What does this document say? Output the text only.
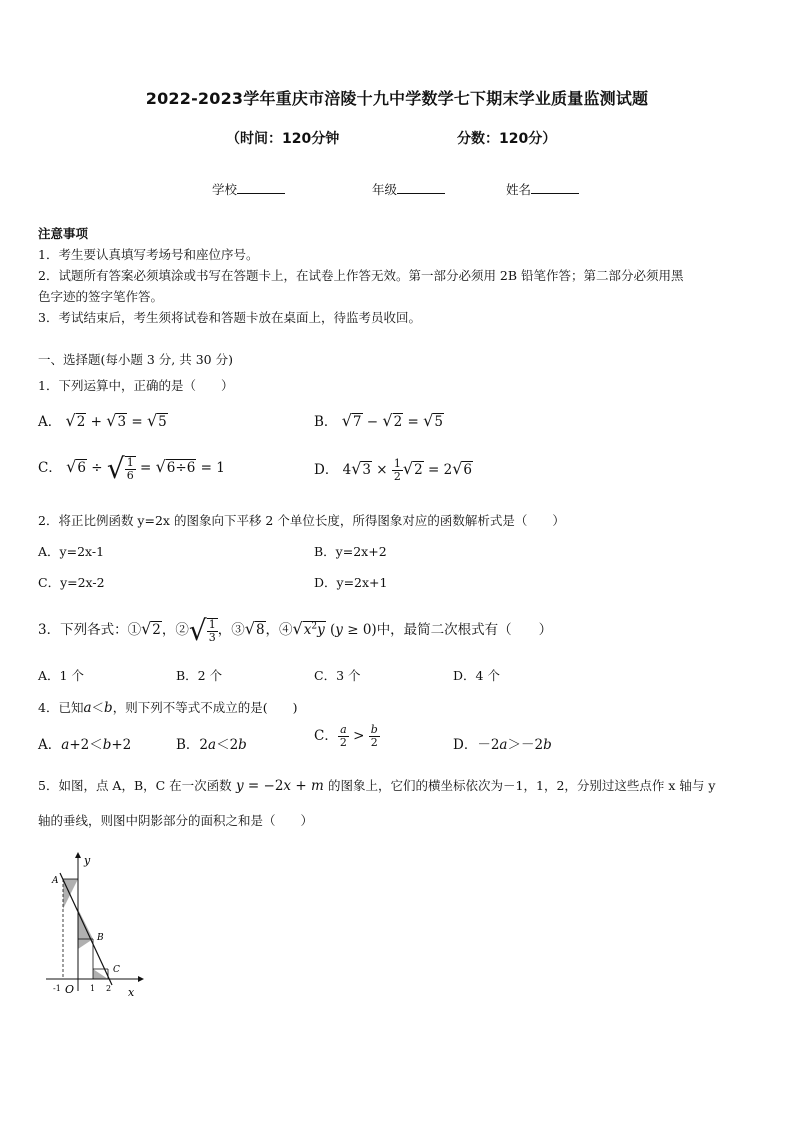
2022-2023学年重庆市涪陵十九中学数学七下期末学业质量监测试题
（时间：120分钟	分数：120分）
学校	年级	姓名
注意事项
1．考生要认真填写考场号和座位序号。
2．试题所有答案必须填涂或书写在答题卡上，在试卷上作答无效。第一部分必须用 2B 铅笔作答；第二部分必须用黑
色字迹的签字笔作答。
3．考试结束后，考生须将试卷和答题卡放在桌面上，待监考员收回。
一、选择题(每小题 3 分, 共 30 分)
1．下列运算中，正确的是（　　）
A． √2 + √3 = √5	B． √7 − √2 = √5
C． √6 ÷ √ $\frac{1}{6} = √6\div 6 = 1$	D． $4√3 \times \frac{1}{2} √2 = 2√6$
2．将正比例函数 y=2x 的图象向下平移 2 个单位长度，所得图象对应的函数解析式是（　　）
A．y=2x-1	B．y=2x+2
C．y=2x-2	D．y=2x+1
3．下列各式：①√2，②√ $\frac{1}{3}$ ，③√8，$④√x^2y$ (y ≥ 0)中，最简二次根式有（　　）
A．1 个	B．2 个	C．3 个	D．4 个
4．已知a＜b，则下列不等式不成立的是(　　)
A．a+2＜b+2	B．2a＜2b
C． $\frac{a}{2} > \frac{b}{2}$	D．－2a＞－2b
5．如图，点 A，B，C 在一次函数 y = −2x + m 的图象上，它们的横坐标依次为－1，1，2，分别过这些点作 x 轴与 y
轴的垂线，则图中阴影部分的面积之和是（　　）
y
x
O
A
B
C
-1	1 2
